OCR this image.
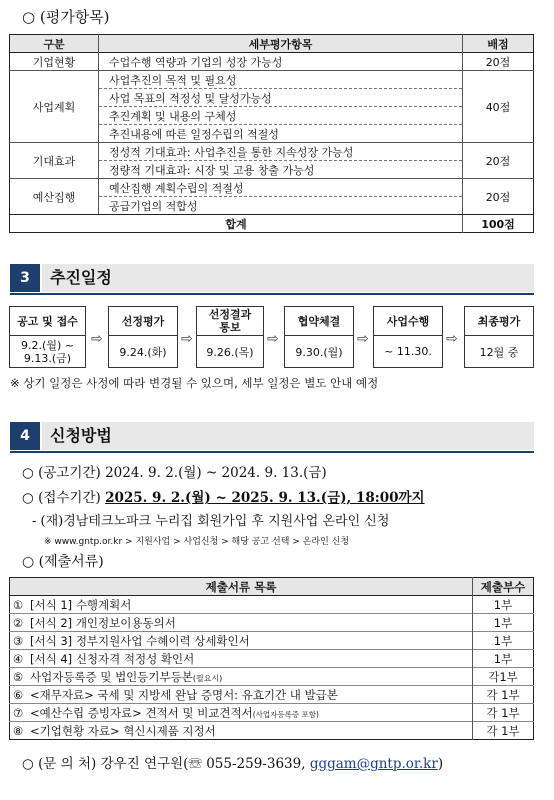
○ (평가항목)
구분	세부평가항목	배점
기업현황	수업수행 역량과 기업의 성장 가능성	20점
사업계획	사업추진의 목적 및 필요성	40점
	사업 목표의 적정성 및 달성가능성	
	추진계획 및 내용의 구체성	
	추진내용에 따른 일정수립의 적절성	
기대효과	정성적 기대효과: 사업추진을 통한 지속성장 가능성	20점
	정량적 기대효과: 시장 및 고용 창출 가능성	
예산집행	예산집행 계획수립의 적절성	20점
	공급기업의 적합성	
합계		100점
3	추진일정
공고 및 접수
9.2.(월) ~ 9.13.(금)
⇨
선정평가
9.24.(화)
⇨
선정결과 통보
9.26.(목)
⇨
협약체결
9.30.(월)
⇨
사업수행
~ 11.30.
⇨
최종평가
12월 중
※ 상기 일정은 사정에 따라 변경될 수 있으며, 세부 일정은 별도 안내 예정
4	신청방법
○ (공고기간) 2024. 9. 2.(월) ~ 2024. 9. 13.(금)
○ (접수기간) 2025. 9. 2.(월) ~ 2025. 9. 13.(금), 18:00까지
- (재)경남테크노파크 누리집 회원가입 후 지원사업 온라인 신청
※ www.gntp.or.kr > 지원사업 > 사업신청 > 해당 공고 선택 > 온라인 신청
○ (제출서류)
제출서류 목록		제출부수
①	[서식 1] 수행계획서	1부
②	[서식 2] 개인정보이용동의서	1부
③	[서식 3] 정부지원사업 수혜이력 상세확인서	1부
④	[서식 4] 신청자격 적정성 확인서	1부
⑤	사업자등록증 및 법인등기부등본(필요시)	각1부
⑥	<재무자료> 국세 및 지방세 완납 증명서: 유효기간 내 발급본	각 1부
⑦	<예산수립 증빙자료> 견적서 및 비교견적서(사업자등록증 포함)	각 1부
⑧	<기업현황 자료> 혁신시제품 지정서	각 1부
○ (문 의 처) 강우진 연구원(☏ 055-259-3639, gggam@gntp.or.kr)
